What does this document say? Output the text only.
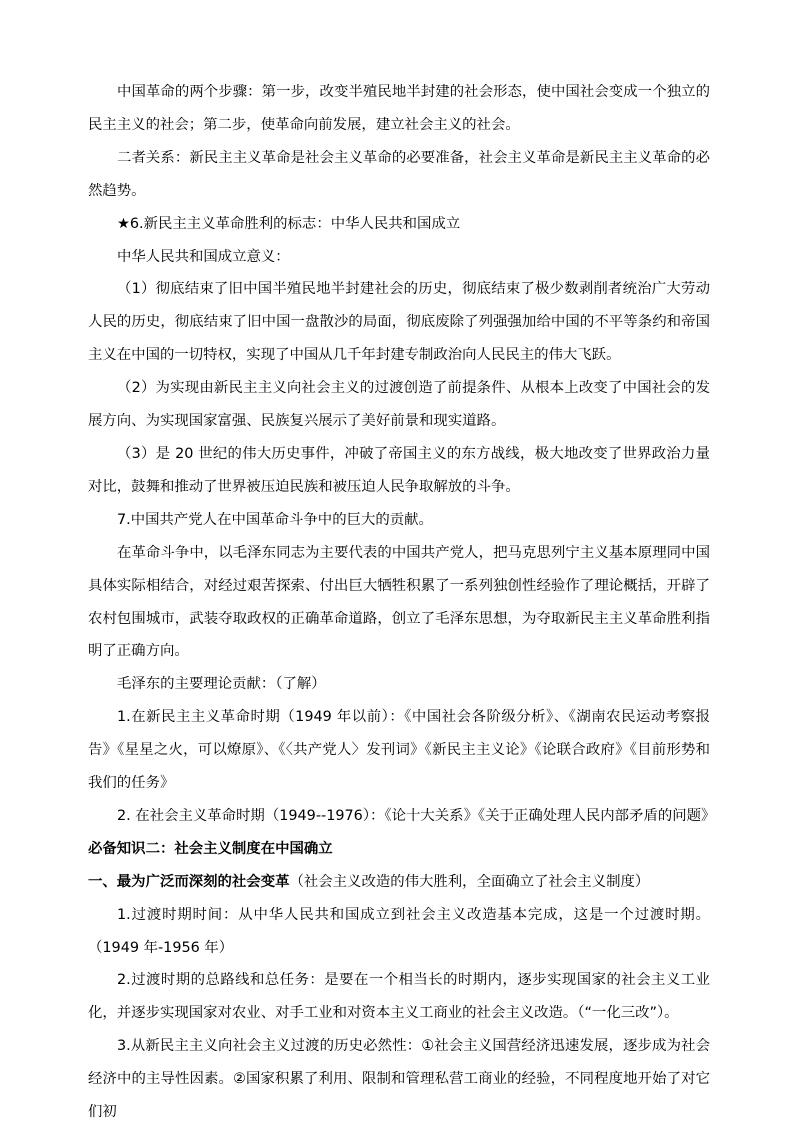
中国革命的两个步骤：第一步，改变半殖民地半封建的社会形态，使中国社会变成一个独立的民主主义的社会；第二步，使革命向前发展，建立社会主义的社会。

二者关系：新民主主义革命是社会主义革命的必要准备，社会主义革命是新民主主义革命的必然趋势。

★6.新民主主义革命胜利的标志：中华人民共和国成立

中华人民共和国成立意义：

（1）彻底结束了旧中国半殖民地半封建社会的历史，彻底结束了极少数剥削者统治广大劳动人民的历史，彻底结束了旧中国一盘散沙的局面，彻底废除了列强强加给中国的不平等条约和帝国主义在中国的一切特权，实现了中国从几千年封建专制政治向人民民主的伟大飞跃。

（2）为实现由新民主主义向社会主义的过渡创造了前提条件、从根本上改变了中国社会的发展方向、为实现国家富强、民族复兴展示了美好前景和现实道路。

（3）是 20 世纪的伟大历史事件，冲破了帝国主义的东方战线，极大地改变了世界政治力量对比，鼓舞和推动了世界被压迫民族和被压迫人民争取解放的斗争。

7.中国共产党人在中国革命斗争中的巨大的贡献。

在革命斗争中，以毛泽东同志为主要代表的中国共产党人，把马克思列宁主义基本原理同中国具体实际相结合，对经过艰苦探索、付出巨大牺牲积累了一系列独创性经验作了理论概括，开辟了农村包围城市，武装夺取政权的正确革命道路，创立了毛泽东思想，为夺取新民主主义革命胜利指明了正确方向。

毛泽东的主要理论贡献：（了解）

1.在新民主主义革命时期（1949 年以前）：《中国社会各阶级分析》、《湖南农民运动考察报告》《星星之火，可以燎原》、《〈共产党人〉发刊词》《新民主主义论》《论联合政府》《目前形势和我们的任务》

2. 在社会主义革命时期（1949--1976）：《论十大关系》《关于正确处理人民内部矛盾的问题》

必备知识二：社会主义制度在中国确立

一、最为广泛而深刻的社会变革（社会主义改造的伟大胜利，全面确立了社会主义制度）

1.过渡时期时间：从中华人民共和国成立到社会主义改造基本完成，这是一个过渡时期。（1949 年-1956 年）

2.过渡时期的总路线和总任务：是要在一个相当长的时期内，逐步实现国家的社会主义工业化，并逐步实现国家对农业、对手工业和对资本主义工商业的社会主义改造。（“一化三改”）。

3.从新民主主义向社会主义过渡的历史必然性：①社会主义国营经济迅速发展，逐步成为社会经济中的主导性因素。②国家积累了利用、限制和管理私营工商业的经验，不同程度地开始了对它们初
